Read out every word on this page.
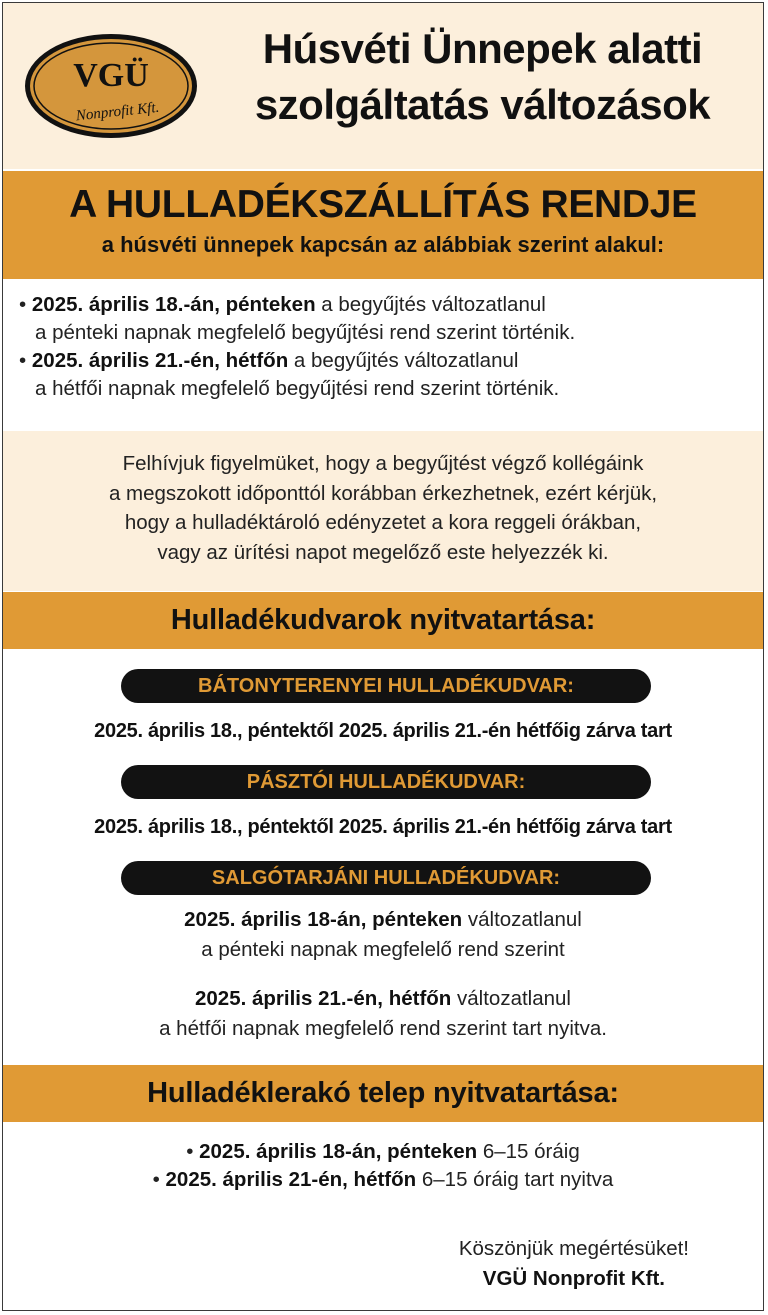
VGÜ
Nonprofit Kft.
Húsvéti Ünnepek alatti
szolgáltatás változások
A HULLADÉKSZÁLLÍTÁS RENDJE
a húsvéti ünnepek kapcsán az alábbiak szerint alakul:
• 2025. április 18.-án, pénteken a begyűjtés változatlanul
a pénteki napnak megfelelő begyűjtési rend szerint történik.
• 2025. április 21.-én, hétfőn a begyűjtés változatlanul
a hétfői napnak megfelelő begyűjtési rend szerint történik.
Felhívjuk figyelmüket, hogy a begyűjtést végző kollégáink
a megszokott időponttól korábban érkezhetnek, ezért kérjük,
hogy a hulladéktároló edényzetet a kora reggeli órákban,
vagy az ürítési napot megelőző este helyezzék ki.
Hulladékudvarok nyitvatartása:
BÁTONYTERENYEI HULLADÉKUDVAR:
2025. április 18., péntektől 2025. április 21.-én hétfőig zárva tart
PÁSZTÓI HULLADÉKUDVAR:
2025. április 18., péntektől 2025. április 21.-én hétfőig zárva tart
SALGÓTARJÁNI HULLADÉKUDVAR:
2025. április 18-án, pénteken változatlanul
a pénteki napnak megfelelő rend szerint
2025. április 21.-én, hétfőn változatlanul
a hétfői napnak megfelelő rend szerint tart nyitva.
Hulladéklerakó telep nyitvatartása:
• 2025. április 18-án, pénteken 6–15 óráig
• 2025. április 21-én, hétfőn 6–15 óráig tart nyitva
Köszönjük megértésüket!
VGÜ Nonprofit Kft.
